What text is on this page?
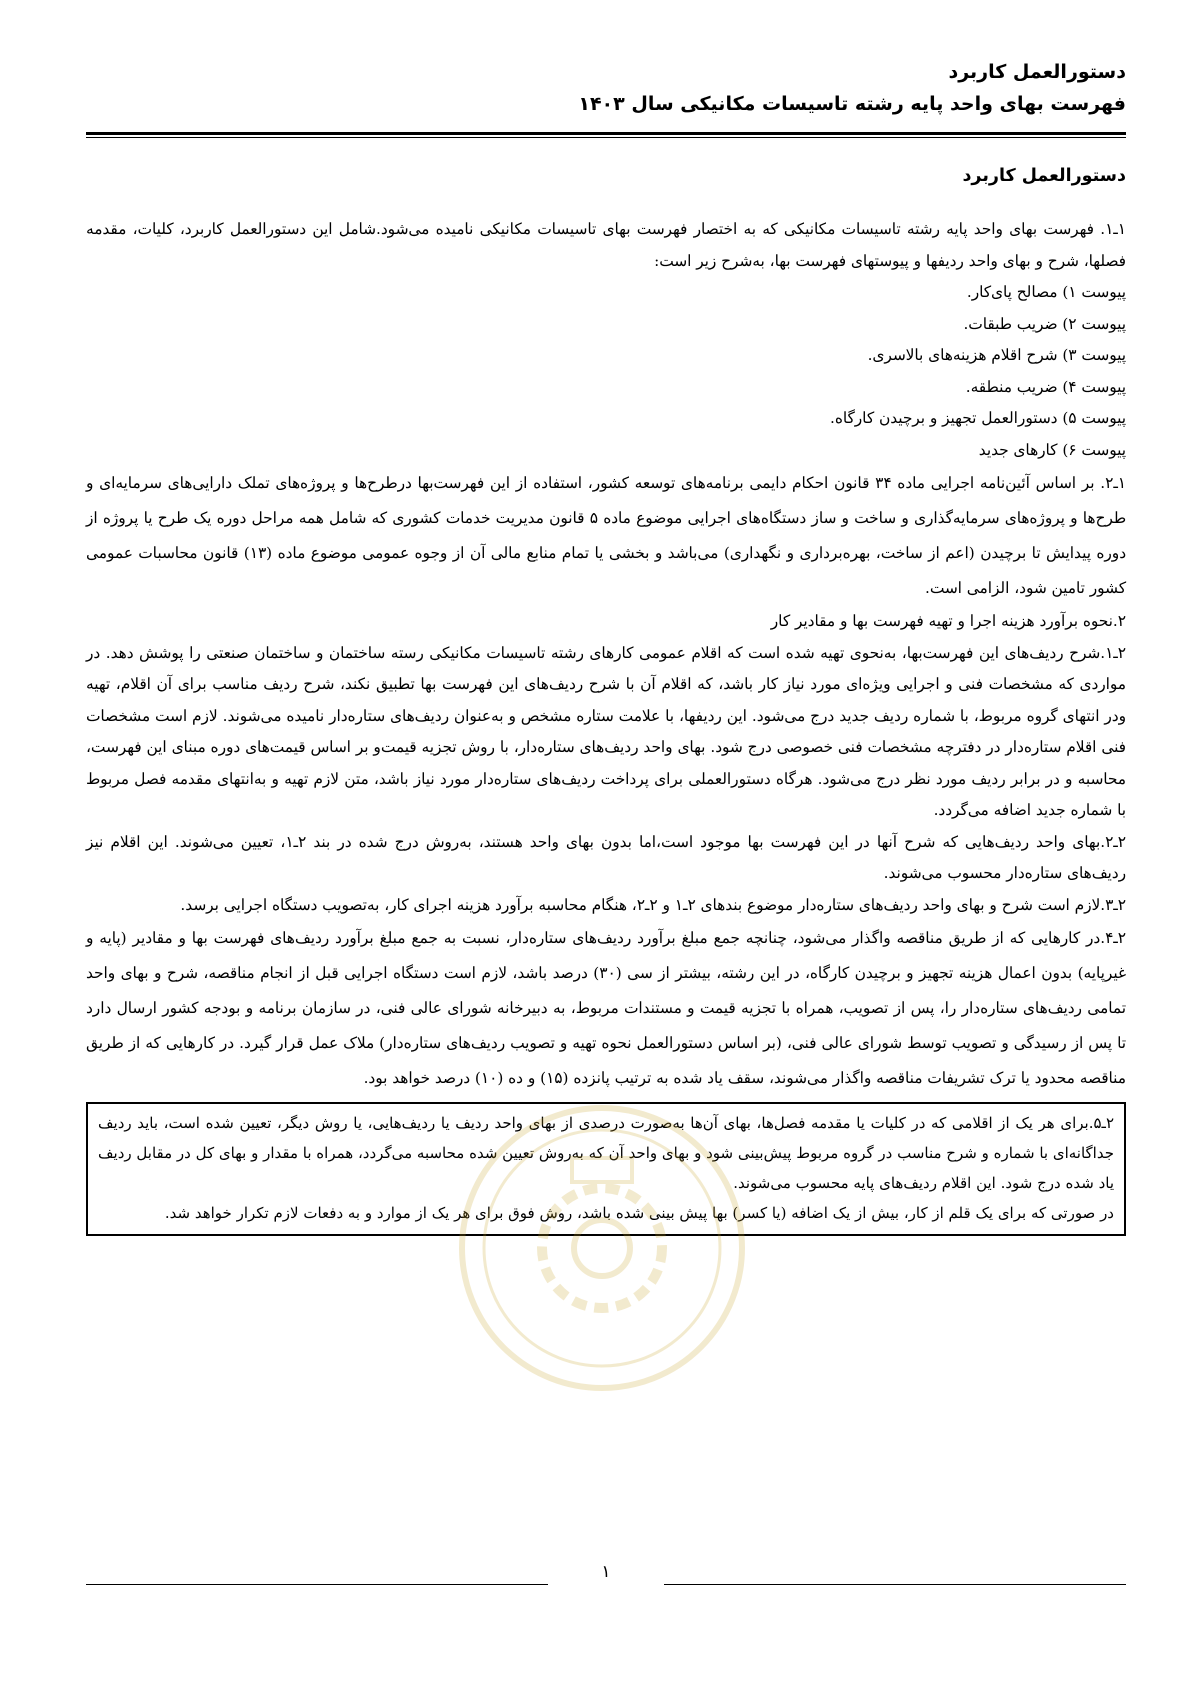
دستورالعمل کاربرد
فهرست بهای واحد پایه رشته تاسیسات مکانیکی سال ۱۴۰۳
دستورالعمل کاربرد

۱ـ۱. فهرست بهای واحد پایه رشته تاسیسات مکانیکی که به اختصار فهرست بهای تاسیسات مکانیکی نامیده می‌شود.شامل این دستورالعمل کاربرد، کلیات، مقدمه فصلها، شرح و بهای واحد ردیفها و پیوستهای فهرست بها، به‌شرح زیر است:

پیوست ۱) مصالح پای‌کار.

پیوست ۲) ضریب طبقات.

پیوست ۳) شرح اقلام هزینه‌های بالاسری.

پیوست ۴) ضریب منطقه.

پیوست ۵) دستورالعمل تجهیز و برچیدن کارگاه.

پیوست ۶) کارهای جدید

۱ـ۲. بر اساس آئین‌نامه اجرایی ماده ۳۴ قانون احکام دایمی برنامه‌های توسعه کشور، استفاده از این فهرست‌بها درطرح‌ها و پروژه‌های تملک دارایی‌های سرمایه‌ای و طرح‌ها و پروژه‌های سرمایه‌گذاری و ساخت و ساز دستگاه‌های اجرایی موضوع ماده ۵ قانون مدیریت خدمات کشوری که شامل همه مراحل دوره یک طرح یا پروژه از دوره پیدایش تا برچیدن (اعم از ساخت، بهره‌برداری و نگهداری) می‌باشد و بخشی یا تمام منابع مالی آن از وجوه عمومی موضوع ماده (۱۳) قانون محاسبات عمومی کشور تامین شود، الزامی است.

۲.نحوه برآورد هزینه اجرا و تهیه فهرست بها و مقادیر کار

۲ـ۱.شرح ردیف‌های این فهرست‌بها، به‌نحوی تهیه شده است که اقلام عمومی کارهای رشته تاسیسات مکانیکی رسته ساختمان و ساختمان صنعتی را پوشش دهد. در مواردی که مشخصات فنی و اجرایی ویژه‌ای مورد نیاز کار باشد، که اقلام آن با شرح ردیف‌های این فهرست بها تطبیق نکند، شرح ردیف مناسب برای آن اقلام، تهیه ودر انتهای گروه مربوط، با شماره ردیف جدید درج می‌شود. این ردیفها، با علامت ستاره مشخص و به‌عنوان ردیف‌های ستاره‌دار نامیده می‌شوند. لازم است مشخصات فنی اقلام ستاره‌دار در دفترچه مشخصات فنی خصوصی درج شود. بهای واحد ردیف‌های ستاره‌دار، با روش تجزیه قیمت‌و بر اساس قیمت‌های دوره مبنای این فهرست، محاسبه و در برابر ردیف مورد نظر درج می‌شود. هرگاه دستورالعملی برای پرداخت ردیف‌های ستاره‌دار مورد نیاز باشد، متن لازم تهیه و به‌انتهای مقدمه فصل مربوط با شماره جدید اضافه می‌گردد.

۲ـ۲.بهای واحد ردیف‌هایی که شرح آنها در این فهرست بها موجود است،اما بدون بهای واحد هستند، به‌روش درج شده در بند ۲ـ۱، تعیین می‌شوند. این اقلام نیز ردیف‌های ستاره‌دار محسوب می‌شوند.

۲ـ۳.لازم است شرح و بهای واحد ردیف‌های ستاره‌دار موضوع بندهای ۲ـ۱ و ۲ـ۲، هنگام محاسبه برآورد هزینه اجرای کار، به‌تصویب دستگاه اجرایی برسد.

۲ـ۴.در کارهایی که از طریق مناقصه واگذار می‌شود، چنانچه جمع مبلغ برآورد ردیف‌های ستاره‌دار، نسبت به جمع مبلغ برآورد ردیف‌های فهرست بها و مقادیر (پایه و غیرپایه) بدون اعمال هزینه تجهیز و برچیدن کارگاه، در این رشته، بیشتر از سی (۳۰) درصد باشد، لازم است دستگاه اجرایی قبل از انجام مناقصه، شرح و بهای واحد تمامی ردیف‌های ستاره‌دار را، پس از تصویب، همراه با تجزیه قیمت و مستندات مربوط، به دبیرخانه شورای عالی فنی، در سازمان برنامه و بودجه کشور ارسال دارد تا پس از رسیدگی و تصویب توسط شورای عالی فنی، (بر اساس دستورالعمل نحوه تهیه و تصویب ردیف‌های ستاره‌دار) ملاک عمل قرار گیرد. در کارهایی که از طریق مناقصه محدود یا ترک تشریفات مناقصه واگذار می‌شوند، سقف یاد شده به ترتیب پانزده (۱۵) و ده (۱۰) درصد خواهد بود.

۲ـ۵.برای هر یک از اقلامی که در کلیات یا مقدمه فصل‌ها، بهای آن‌ها به‌صورت درصدی از بهای واحد ردیف یا ردیف‌هایی، یا روش دیگر، تعیین شده است، باید ردیف جداگانه‌ای با شماره و شرح مناسب در گروه مربوط پیش‌بینی شود و بهای واحد آن که به‌روش تعیین شده محاسبه می‌گردد، همراه با مقدار و بهای کل در مقابل ردیف یاد شده درج شود. این اقلام ردیف‌های پایه محسوب می‌شوند.

در صورتی که برای یک قلم از کار، بیش از یک اضافه (یا کسر) بها پیش بینی شده باشد، روش فوق برای هر یک از موارد و به دفعات لازم تکرار خواهد شد.

۱
